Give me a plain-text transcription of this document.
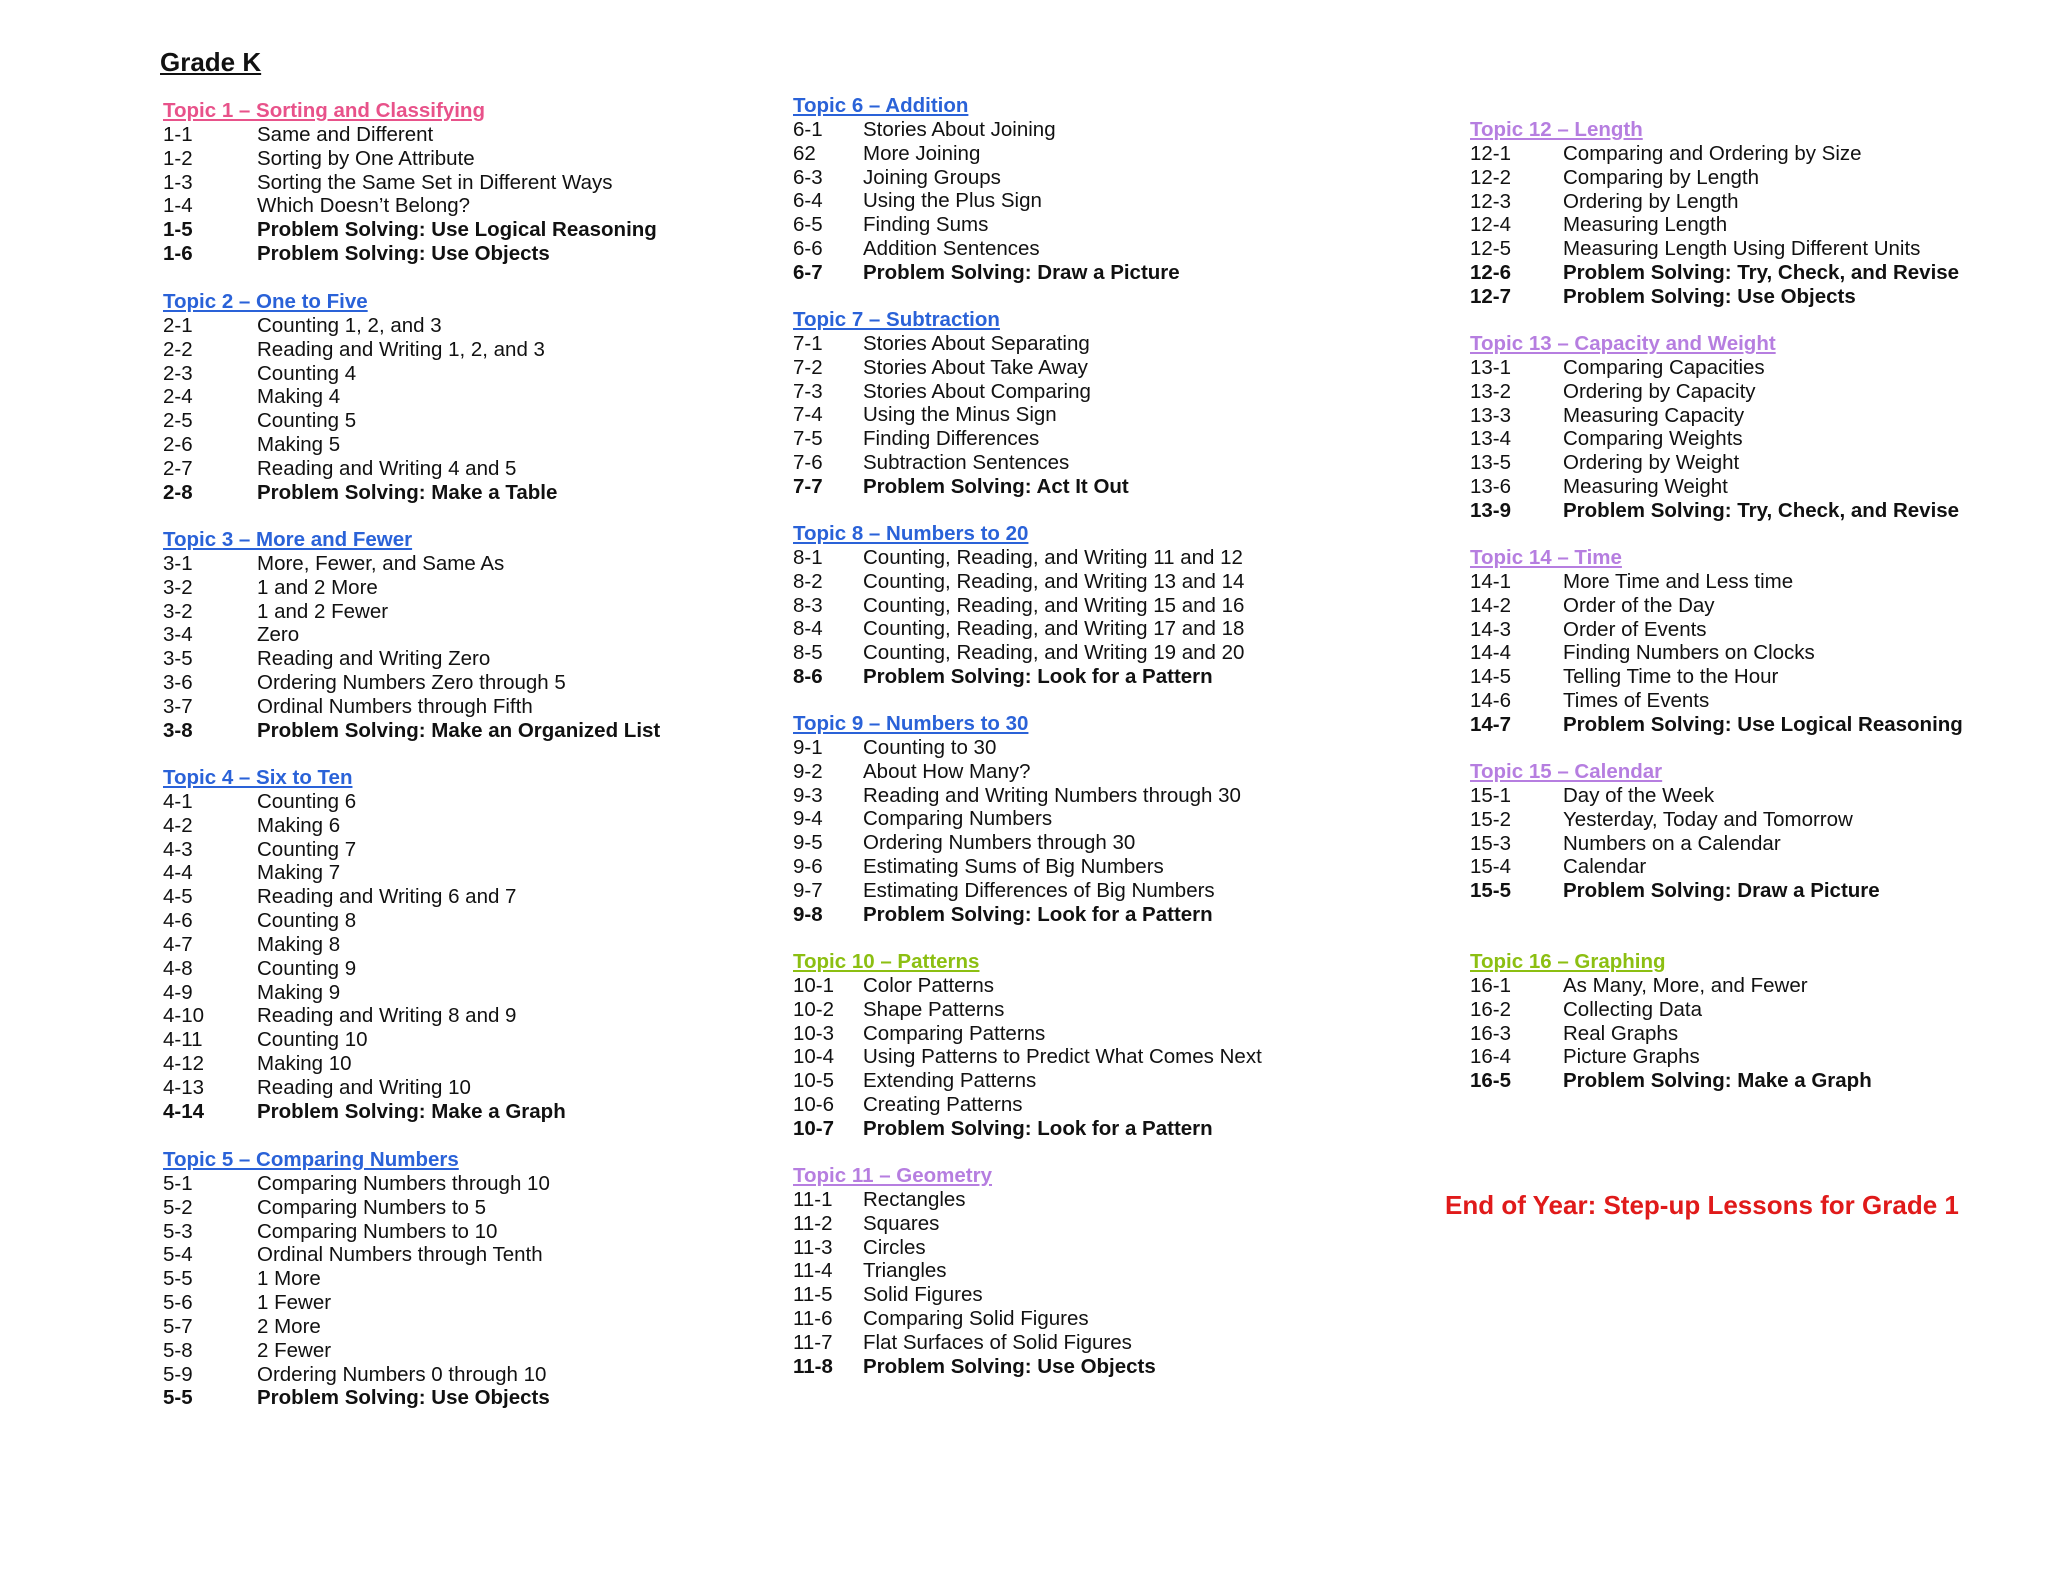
Grade K
Topic 1 – Sorting and Classifying
1-1	Same and Different
1-2	Sorting by One Attribute
1-3	Sorting the Same Set in Different Ways
1-4	Which Doesn’t Belong?
1-5	Problem Solving: Use Logical Reasoning
1-6	Problem Solving: Use Objects
Topic 2 – One to Five
2-1	Counting 1, 2, and 3
2-2	Reading and Writing 1, 2, and 3
2-3	Counting 4
2-4	Making 4
2-5	Counting 5
2-6	Making 5
2-7	Reading and Writing 4 and 5
2-8	Problem Solving: Make a Table
Topic 3 – More and Fewer
3-1	More, Fewer, and Same As
3-2	1 and 2 More
3-2	1 and 2 Fewer
3-4	Zero
3-5	Reading and Writing Zero
3-6	Ordering Numbers Zero through 5
3-7	Ordinal Numbers through Fifth
3-8	Problem Solving: Make an Organized List
Topic 4 – Six to Ten
4-1	Counting 6
4-2	Making 6
4-3	Counting 7
4-4	Making 7
4-5	Reading and Writing 6 and 7
4-6	Counting 8
4-7	Making 8
4-8	Counting 9
4-9	Making 9
4-10	Reading and Writing 8 and 9
4-11	Counting 10
4-12	Making 10
4-13	Reading and Writing 10
4-14	Problem Solving: Make a Graph
Topic 5 – Comparing Numbers
5-1	Comparing Numbers through 10
5-2	Comparing Numbers to 5
5-3	Comparing Numbers to 10
5-4	Ordinal Numbers through Tenth
5-5	1 More
5-6	1 Fewer
5-7	2 More
5-8	2 Fewer
5-9	Ordering Numbers 0 through 10
5-5	Problem Solving: Use Objects
Topic 6 – Addition
6-1	Stories About Joining
62	More Joining
6-3	Joining Groups
6-4	Using the Plus Sign
6-5	Finding Sums
6-6	Addition Sentences
6-7	Problem Solving: Draw a Picture
Topic 7 – Subtraction
7-1	Stories About Separating
7-2	Stories About Take Away
7-3	Stories About Comparing
7-4	Using the Minus Sign
7-5	Finding Differences
7-6	Subtraction Sentences
7-7	Problem Solving: Act It Out
Topic 8 – Numbers to 20
8-1	Counting, Reading, and Writing 11 and 12
8-2	Counting, Reading, and Writing 13 and 14
8-3	Counting, Reading, and Writing 15 and 16
8-4	Counting, Reading, and Writing 17 and 18
8-5	Counting, Reading, and Writing 19 and 20
8-6	Problem Solving: Look for a Pattern
Topic 9 – Numbers to 30
9-1	Counting to 30
9-2	About How Many?
9-3	Reading and Writing Numbers through 30
9-4	Comparing Numbers
9-5	Ordering Numbers through 30
9-6	Estimating Sums of Big Numbers
9-7	Estimating Differences of Big Numbers
9-8	Problem Solving: Look for a Pattern
Topic 10 – Patterns
10-1	Color Patterns
10-2	Shape Patterns
10-3	Comparing Patterns
10-4	Using Patterns to Predict What Comes Next
10-5	Extending Patterns
10-6	Creating Patterns
10-7	Problem Solving: Look for a Pattern
Topic 11 – Geometry
11-1	Rectangles
11-2	Squares
11-3	Circles
11-4	Triangles
11-5	Solid Figures
11-6	Comparing Solid Figures
11-7	Flat Surfaces of Solid Figures
11-8	Problem Solving: Use Objects
Topic 12 – Length
12-1	Comparing and Ordering by Size
12-2	Comparing by Length
12-3	Ordering by Length
12-4	Measuring Length
12-5	Measuring Length Using Different Units
12-6	Problem Solving: Try, Check, and Revise
12-7	Problem Solving: Use Objects
Topic 13 – Capacity and Weight
13-1	Comparing Capacities
13-2	Ordering by Capacity
13-3	Measuring Capacity
13-4	Comparing Weights
13-5	Ordering by Weight
13-6	Measuring Weight
13-9	Problem Solving: Try, Check, and Revise
Topic 14 – Time
14-1	More Time and Less time
14-2	Order of the Day
14-3	Order of Events
14-4	Finding Numbers on Clocks
14-5	Telling Time to the Hour
14-6	Times of Events
14-7	Problem Solving: Use Logical Reasoning
Topic 15 – Calendar
15-1	Day of the Week
15-2	Yesterday, Today and Tomorrow
15-3	Numbers on a Calendar
15-4	Calendar
15-5	Problem Solving: Draw a Picture
Topic 16 – Graphing
16-1	As Many, More, and Fewer
16-2	Collecting Data
16-3	Real Graphs
16-4	Picture Graphs
16-5	Problem Solving: Make a Graph
End of Year: Step-up Lessons for Grade 1
